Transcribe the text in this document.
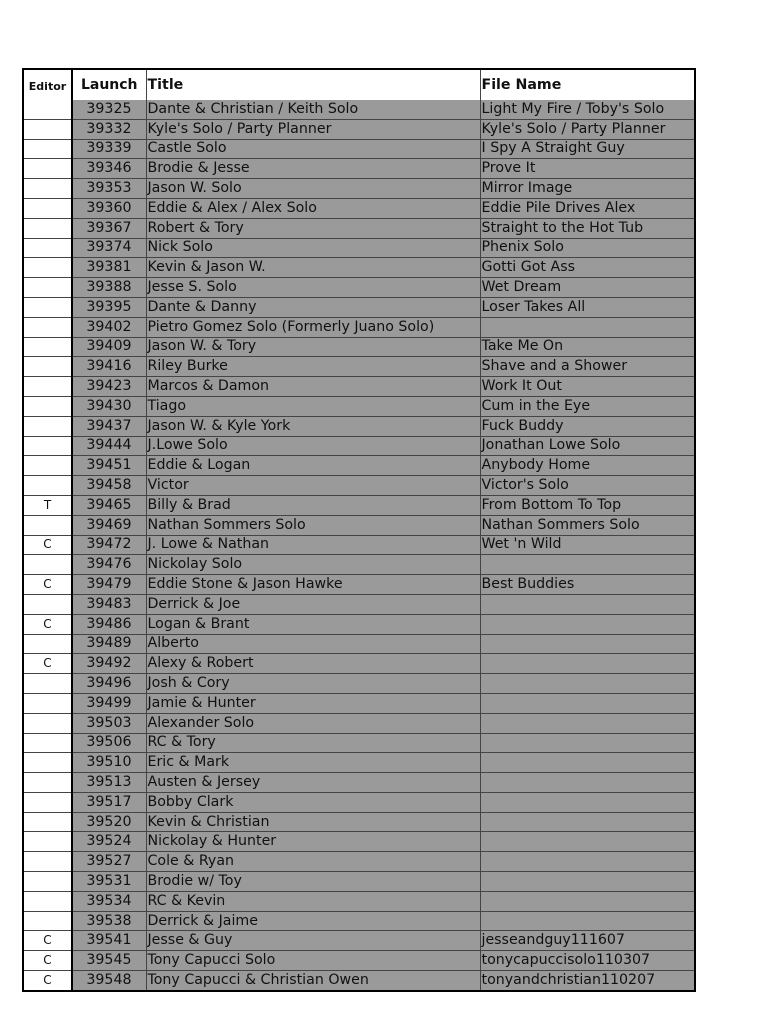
Editor	Launch	Title	File Name
	39325	Dante & Christian / Keith Solo	Light My Fire / Toby's Solo
	39332	Kyle's Solo / Party Planner	Kyle's Solo / Party Planner
	39339	Castle Solo	I Spy A Straight Guy
	39346	Brodie & Jesse	Prove It
	39353	Jason W. Solo	Mirror Image
	39360	Eddie & Alex / Alex Solo	Eddie Pile Drives Alex
	39367	Robert & Tory	Straight to the Hot Tub
	39374	Nick Solo	Phenix Solo
	39381	Kevin & Jason W.	Gotti Got Ass
	39388	Jesse S. Solo	Wet Dream
	39395	Dante & Danny	Loser Takes All
	39402	Pietro Gomez Solo (Formerly Juano Solo)	
	39409	Jason W. & Tory	Take Me On
	39416	Riley Burke	Shave and a Shower
	39423	Marcos & Damon	Work It Out
	39430	Tiago	Cum in the Eye
	39437	Jason W. & Kyle York	Fuck Buddy
	39444	J.Lowe Solo	Jonathan Lowe Solo
	39451	Eddie & Logan	Anybody Home
	39458	Victor	Victor's Solo
T	39465	Billy & Brad	From Bottom To Top
	39469	Nathan Sommers Solo	Nathan Sommers Solo
C	39472	J. Lowe & Nathan	Wet 'n Wild
	39476	Nickolay Solo	
C	39479	Eddie Stone & Jason Hawke	Best Buddies
	39483	Derrick & Joe	
C	39486	Logan & Brant	
	39489	Alberto	
C	39492	Alexy & Robert	
	39496	Josh & Cory	
	39499	Jamie & Hunter	
	39503	Alexander Solo	
	39506	RC & Tory	
	39510	Eric & Mark	
	39513	Austen & Jersey	
	39517	Bobby Clark	
	39520	Kevin & Christian	
	39524	Nickolay & Hunter	
	39527	Cole & Ryan	
	39531	Brodie w/ Toy	
	39534	RC & Kevin	
	39538	Derrick & Jaime	
C	39541	Jesse & Guy	jesseandguy111607
C	39545	Tony Capucci Solo	tonycapuccisolo110307
C	39548	Tony Capucci & Christian Owen	tonyandchristian110207
